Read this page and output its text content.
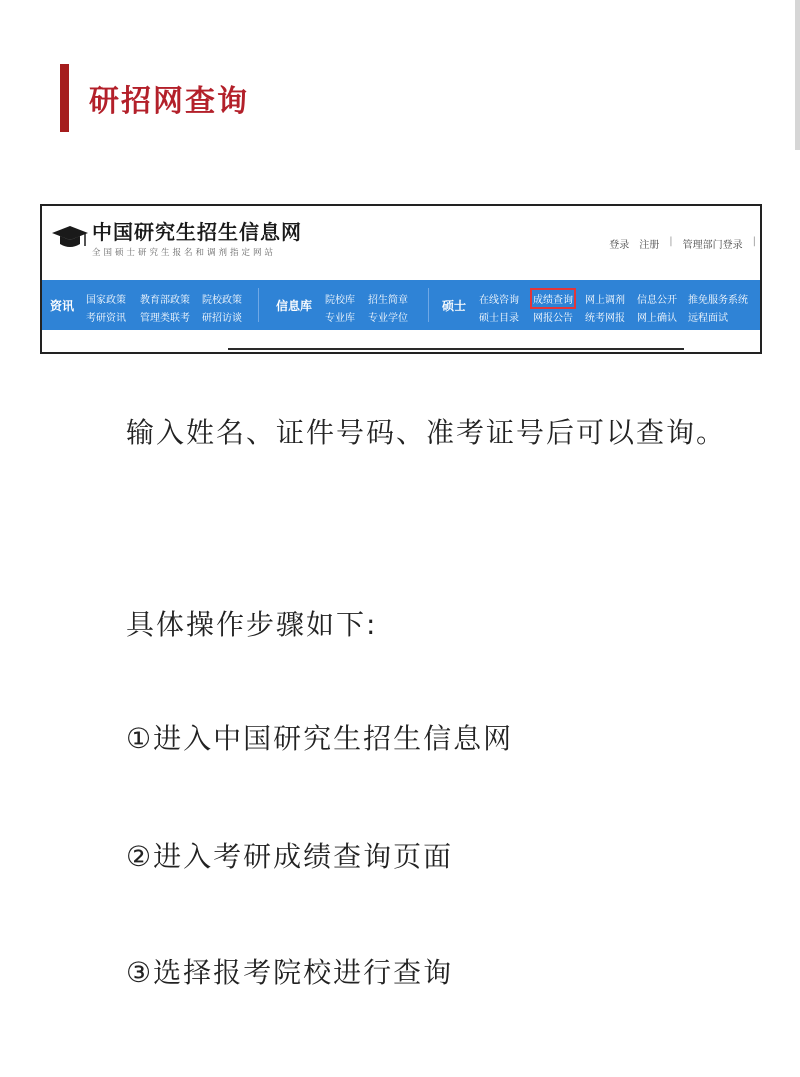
研招网查询
中国研究生招生信息网
全国硕士研究生报名和调剂指定网站
登录 注册 | 管理部门登录 |
资讯 国家政策 教育部政策 院校政策
考研资讯 管理类联考 研招访谈
信息库 院校库 招生简章
专业库 专业学位
硕士 在线咨询 成绩查询 网上调剂 信息公开 推免服务系统
硕士目录 网报公告 统考网报 网上确认 远程面试
输入姓名、证件号码、准考证号后可以查询。
具体操作步骤如下:
①进入中国研究生招生信息网
②进入考研成绩查询页面
③选择报考院校进行查询
